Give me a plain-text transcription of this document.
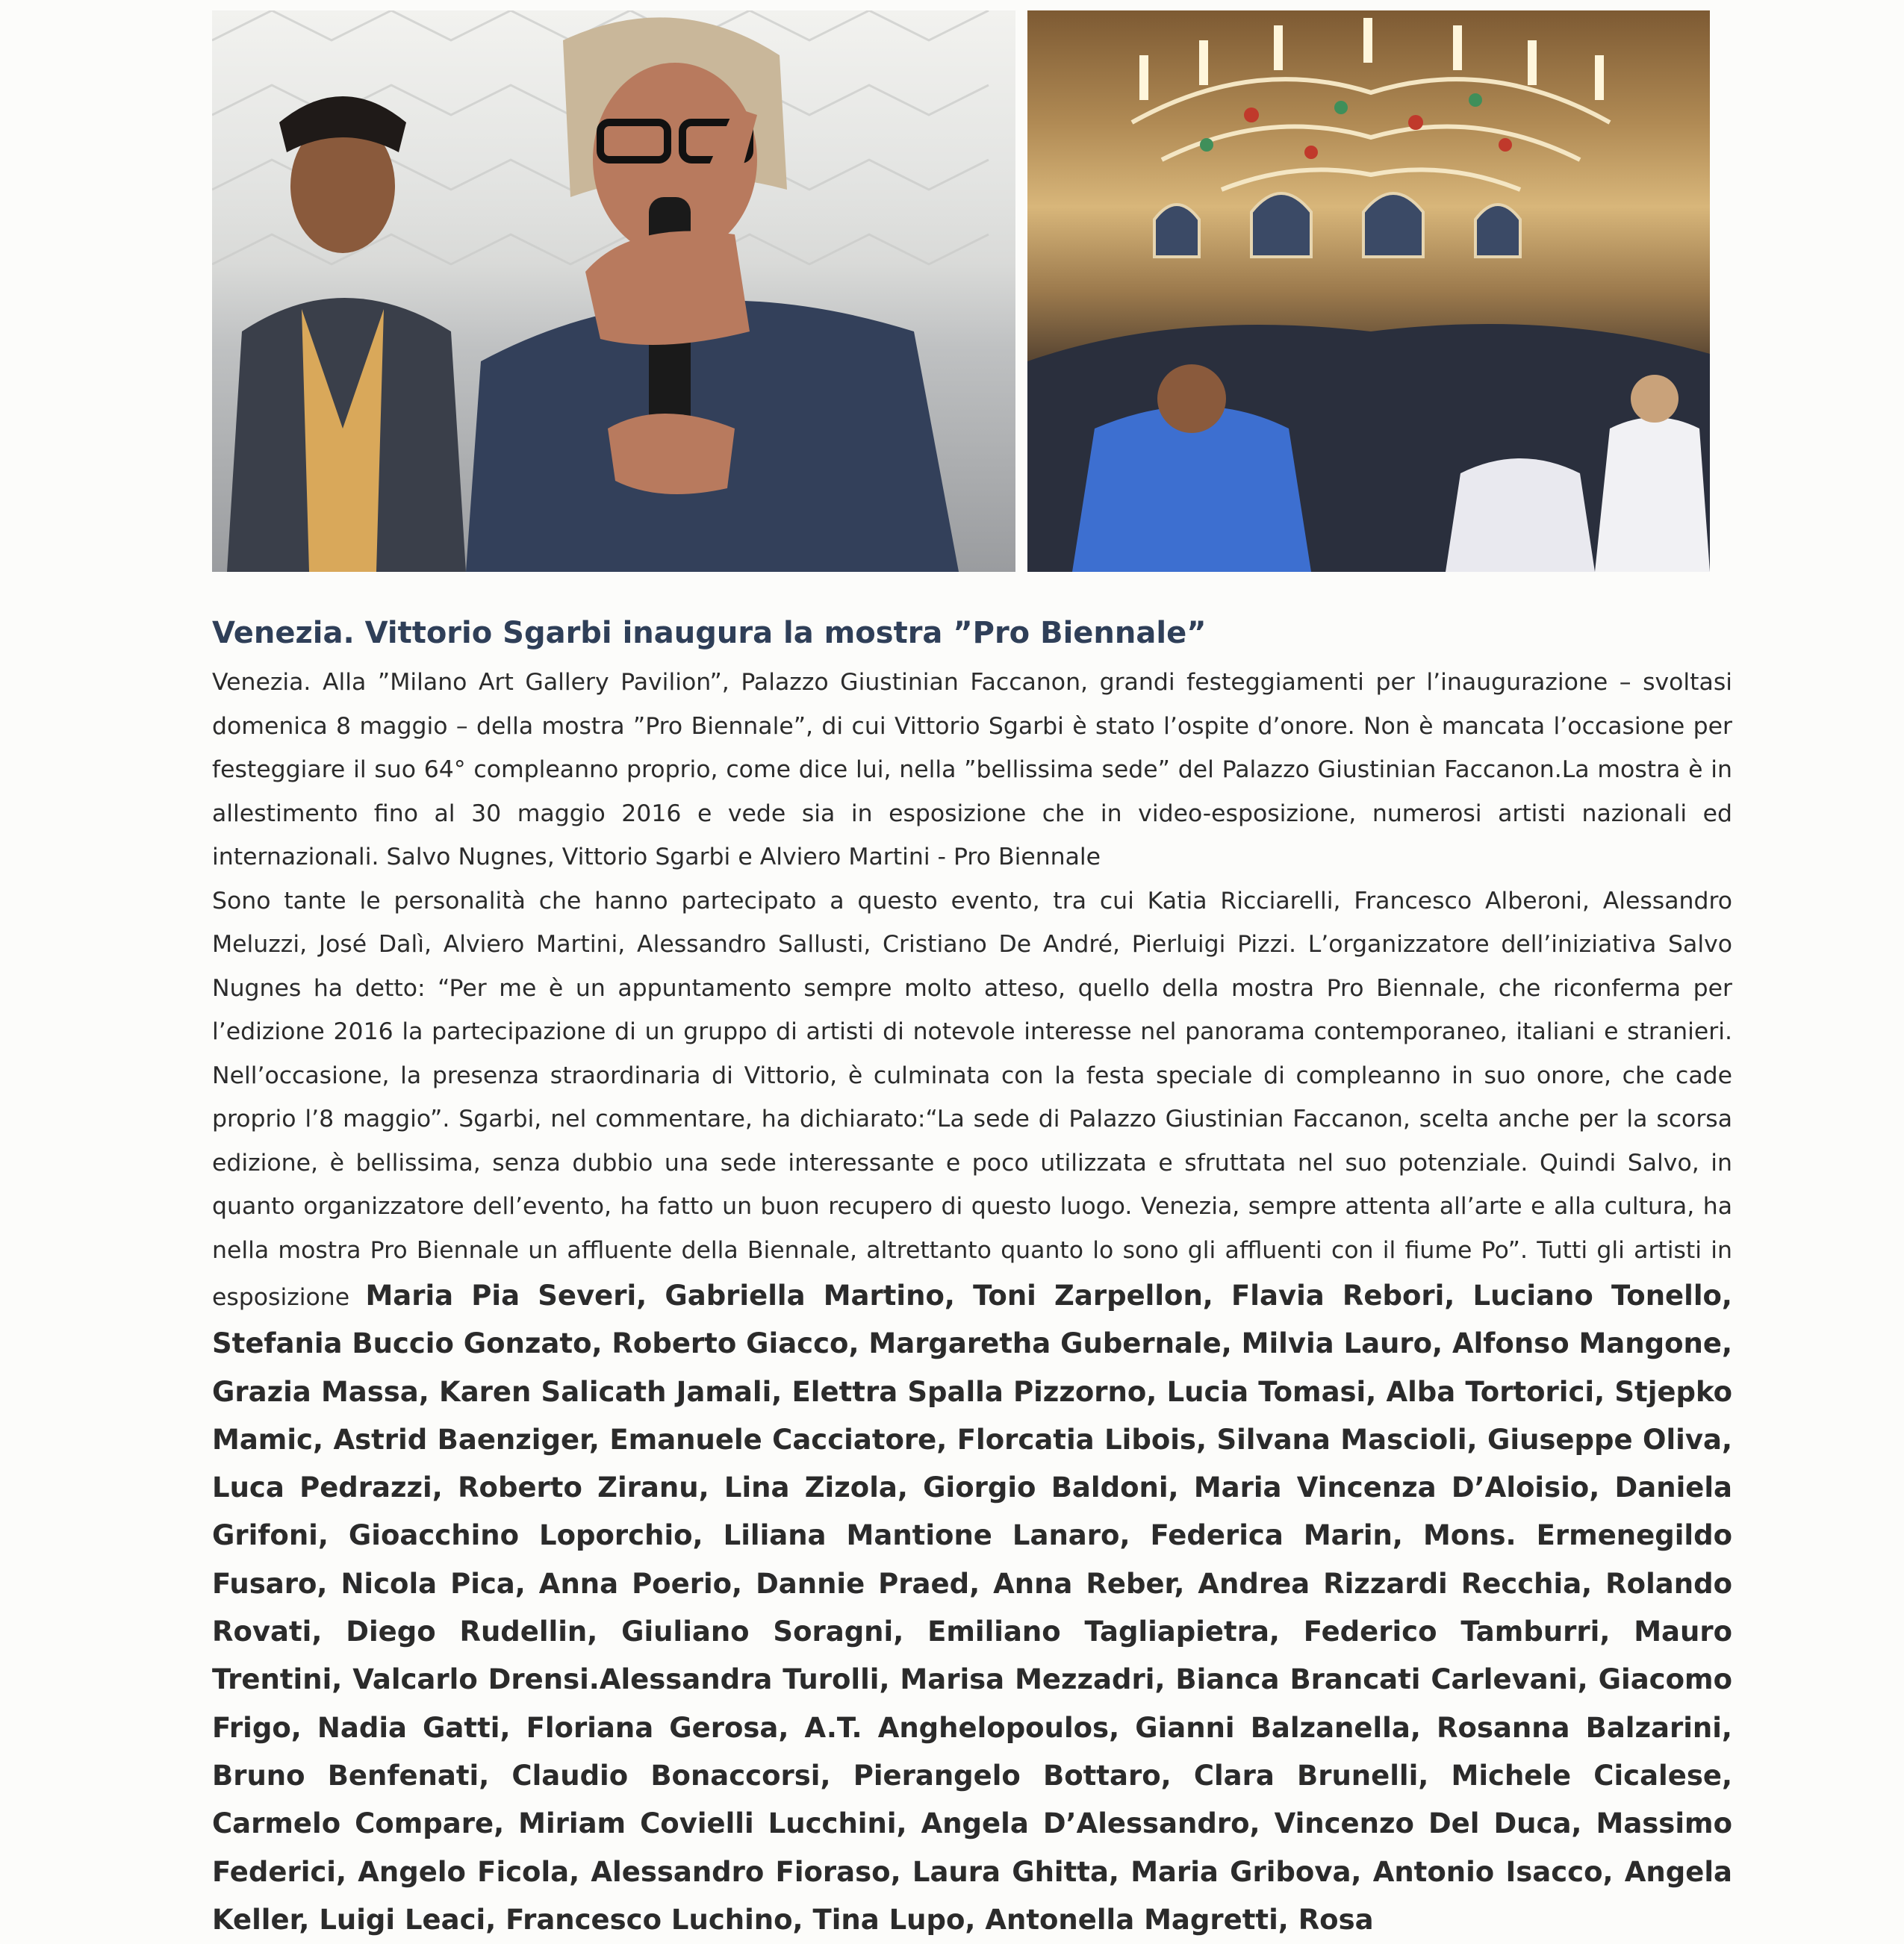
Venezia. Vittorio Sgarbi inaugura la mostra ”Pro Biennale”

Venezia. Alla ”Milano Art Gallery Pavilion”, Palazzo Giustinian Faccanon, grandi festeggiamenti per l’inaugurazione – svoltasi domenica 8 maggio – della mostra ”Pro Biennale”, di cui Vittorio Sgarbi è stato l’ospite d’onore. Non è mancata l’occasione per festeggiare il suo 64° compleanno proprio, come dice lui, nella ”bellissima sede” del Palazzo Giustinian Faccanon.La mostra è in allestimento fino al 30 maggio 2016 e vede sia in esposizione che in video-esposizione, numerosi artisti nazionali ed internazionali. Salvo Nugnes, Vittorio Sgarbi e Alviero Martini - Pro Biennale

Sono tante le personalità che hanno partecipato a questo evento, tra cui Katia Ricciarelli, Francesco Alberoni, Alessandro Meluzzi, José Dalì, Alviero Martini, Alessandro Sallusti, Cristiano De André, Pierluigi Pizzi. L’organizzatore dell’iniziativa Salvo Nugnes ha detto: “Per me è un appuntamento sempre molto atteso, quello della mostra Pro Biennale, che riconferma per l’edizione 2016 la partecipazione di un gruppo di artisti di notevole interesse nel panorama contemporaneo, italiani e stranieri. Nell’occasione, la presenza straordinaria di Vittorio, è culminata con la festa speciale di compleanno in suo onore, che cade proprio l’8 maggio”. Sgarbi, nel commentare, ha dichiarato:“La sede di Palazzo Giustinian Faccanon, scelta anche per la scorsa edizione, è bellissima, senza dubbio una sede interessante e poco utilizzata e sfruttata nel suo potenziale. Quindi Salvo, in quanto organizzatore dell’evento, ha fatto un buon recupero di questo luogo. Venezia, sempre attenta all’arte e alla cultura, ha nella mostra Pro Biennale un affluente della Biennale, altrettanto quanto lo sono gli affluenti con il fiume Po”. Tutti gli artisti in esposizione Maria Pia Severi, Gabriella Martino, Toni Zarpellon, Flavia Rebori, Luciano Tonello, Stefania Buccio Gonzato, Roberto Giacco, Margaretha Gubernale, Milvia Lauro, Alfonso Mangone, Grazia Massa, Karen Salicath Jamali, Elettra Spalla Pizzorno, Lucia Tomasi, Alba Tortorici, Stjepko Mamic, Astrid Baenziger, Emanuele Cacciatore, Florcatia Libois, Silvana Mascioli, Giuseppe Oliva, Luca Pedrazzi, Roberto Ziranu, Lina Zizola, Giorgio Baldoni, Maria Vincenza D’Aloisio, Daniela Grifoni, Gioacchino Loporchio, Liliana Mantione Lanaro, Federica Marin, Mons. Ermenegildo Fusaro, Nicola Pica, Anna Poerio, Dannie Praed, Anna Reber, Andrea Rizzardi Recchia, Rolando Rovati, Diego Rudellin, Giuliano Soragni, Emiliano Tagliapietra, Federico Tamburri, Mauro Trentini, Valcarlo Drensi.Alessandra Turolli, Marisa Mezzadri, Bianca Brancati Carlevani, Giacomo Frigo, Nadia Gatti, Floriana Gerosa, A.T. Anghelopoulos, Gianni Balzanella, Rosanna Balzarini, Bruno Benfenati, Claudio Bonaccorsi, Pierangelo Bottaro, Clara Brunelli, Michele Cicalese, Carmelo Compare, Miriam Covielli Lucchini, Angela D’Alessandro, Vincenzo Del Duca, Massimo Federici, Angelo Ficola, Alessandro Fioraso, Laura Ghitta, Maria Gribova, Antonio Isacco, Angela Keller, Luigi Leaci, Francesco Luchino, Tina Lupo, Antonella Magretti, Rosa
